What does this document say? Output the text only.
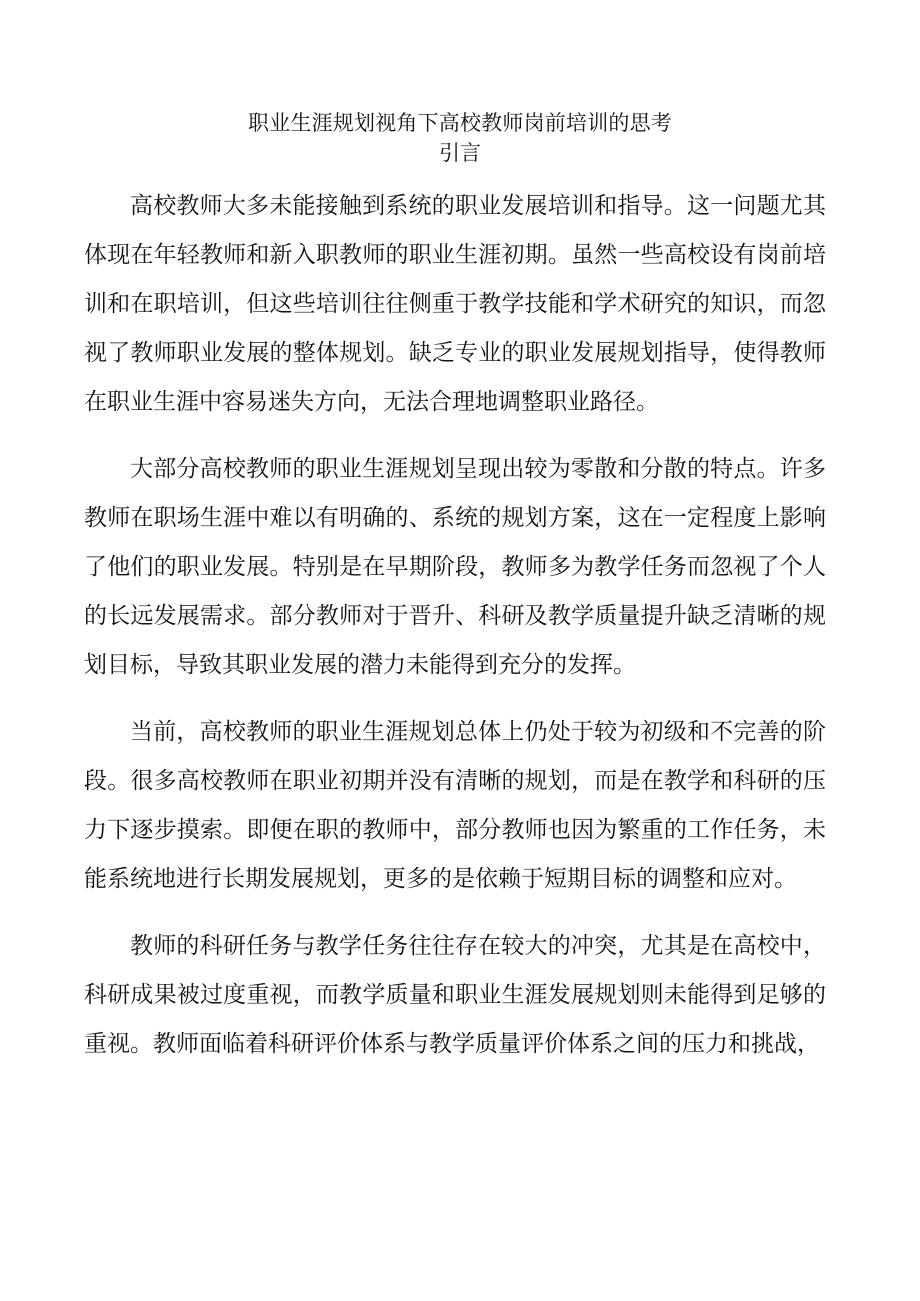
职业生涯规划视角下高校教师岗前培训的思考
引言

高校教师大多未能接触到系统的职业发展培训和指导。这一问题尤其体现在年轻教师和新入职教师的职业生涯初期。虽然一些高校设有岗前培训和在职培训，但这些培训往往侧重于教学技能和学术研究的知识，而忽视了教师职业发展的整体规划。缺乏专业的职业发展规划指导，使得教师在职业生涯中容易迷失方向，无法合理地调整职业路径。

大部分高校教师的职业生涯规划呈现出较为零散和分散的特点。许多教师在职场生涯中难以有明确的、系统的规划方案，这在一定程度上影响了他们的职业发展。特别是在早期阶段，教师多为教学任务而忽视了个人的长远发展需求。部分教师对于晋升、科研及教学质量提升缺乏清晰的规划目标，导致其职业发展的潜力未能得到充分的发挥。

当前，高校教师的职业生涯规划总体上仍处于较为初级和不完善的阶段。很多高校教师在职业初期并没有清晰的规划，而是在教学和科研的压力下逐步摸索。即便在职的教师中，部分教师也因为繁重的工作任务，未能系统地进行长期发展规划，更多的是依赖于短期目标的调整和应对。

教师的科研任务与教学任务往往存在较大的冲突，尤其是在高校中，科研成果被过度重视，而教学质量和职业生涯发展规划则未能得到足够的重视。教师面临着科研评价体系与教学质量评价体系之间的压力和挑战，
